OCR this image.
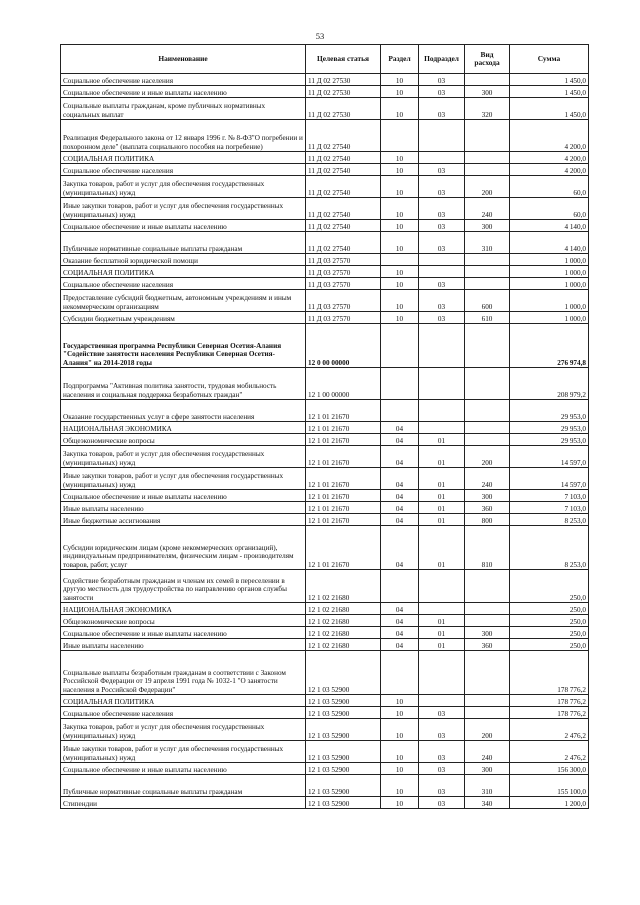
53
Наименование	Целевая статья	Раздел	Подраздел	Вид расхода	Сумма
Социальное обеспечение населения	11 Д 02 27530	10	03		1 450,0
Социальное обеспечение и иные выплаты населению	11 Д 02 27530	10	03	300	1 450,0
Социальные выплаты гражданам, кроме публичных нормативных социальных выплат	11 Д 02 27530	10	03	320	1 450,0
Реализация Федерального закона от 12 января 1996 г. № 8-ФЗ"О погребении и похоронном деле" (выплата социального пособия на погребение)	11 Д 02 27540				4 200,0
СОЦИАЛЬНАЯ ПОЛИТИКА	11 Д 02 27540	10			4 200,0
Социальное обеспечение населения	11 Д 02 27540	10	03		4 200,0
Закупка товаров, работ и услуг для обеспечения государственных (муниципальных) нужд	11 Д 02 27540	10	03	200	60,0
Иные закупки товаров, работ и услуг для обеспечения государственных (муниципальных) нужд	11 Д 02 27540	10	03	240	60,0
Социальное обеспечение и иные выплаты населению	11 Д 02 27540	10	03	300	4 140,0
Публичные нормативные социальные выплаты гражданам	11 Д 02 27540	10	03	310	4 140,0
Оказание бесплатной юридической помощи	11 Д 03 27570				1 000,0
СОЦИАЛЬНАЯ ПОЛИТИКА	11 Д 03 27570	10			1 000,0
Социальное обеспечение населения	11 Д 03 27570	10	03		1 000,0
Предоставление субсидий бюджетным, автономным учреждениям и иным некоммерческим организациям	11 Д 03 27570	10	03	600	1 000,0
Субсидии бюджетным учреждениям	11 Д 03 27570	10	03	610	1 000,0
Государственная программа Республики Северная Осетия-Алания "Содействие занятости населения Республики Северная Осетия-Алания" на 2014-2018 годы	12 0 00 00000				276 974,8
Подпрограмма "Активная политика занятости, трудовая мобильность населения и социальная поддержка безработных граждан"	12 1 00 00000				208 979,2
Оказание государственных услуг в сфере занятости населения	12 1 01 21670				29 953,0
НАЦИОНАЛЬНАЯ ЭКОНОМИКА	12 1 01 21670	04			29 953,0
Общеэкономические вопросы	12 1 01 21670	04	01		29 953,0
Закупка товаров, работ и услуг для обеспечения государственных (муниципальных) нужд	12 1 01 21670	04	01	200	14 597,0
Иные закупки товаров, работ и услуг для обеспечения государственных (муниципальных) нужд	12 1 01 21670	04	01	240	14 597,0
Социальное обеспечение и иные выплаты населению	12 1 01 21670	04	01	300	7 103,0
Иные выплаты населению	12 1 01 21670	04	01	360	7 103,0
Иные бюджетные ассигнования	12 1 01 21670	04	01	800	8 253,0
Субсидии юридическим лицам (кроме некоммерческих организаций), индивидуальным предпринимателям, физическим лицам - производителям товаров, работ, услуг	12 1 01 21670	04	01	810	8 253,0
Содействие безработным гражданам и членам их семей в переселении в другую местность для трудоустройства по направлению органов службы занятости	12 1 02 21680				250,0
НАЦИОНАЛЬНАЯ ЭКОНОМИКА	12 1 02 21680	04			250,0
Общеэкономические вопросы	12 1 02 21680	04	01		250,0
Социальное обеспечение и иные выплаты населению	12 1 02 21680	04	01	300	250,0
Иные выплаты населению	12 1 02 21680	04	01	360	250,0
Социальные выплаты безработным гражданам в соответствии с Законом Российской Федерации от 19 апреля 1991 года № 1032-1 "О занятости населения в Российской Федерации"	12 1 03 52900				178 776,2
СОЦИАЛЬНАЯ ПОЛИТИКА	12 1 03 52900	10			178 776,2
Социальное обеспечение населения	12 1 03 52900	10	03		178 776,2
Закупка товаров, работ и услуг для обеспечения государственных (муниципальных) нужд	12 1 03 52900	10	03	200	2 476,2
Иные закупки товаров, работ и услуг для обеспечения государственных (муниципальных) нужд	12 1 03 52900	10	03	240	2 476,2
Социальное обеспечение и иные выплаты населению	12 1 03 52900	10	03	300	156 300,0
Публичные нормативные социальные выплаты гражданам	12 1 03 52900	10	03	310	155 100,0
Стипендии	12 1 03 52900	10	03	340	1 200,0
